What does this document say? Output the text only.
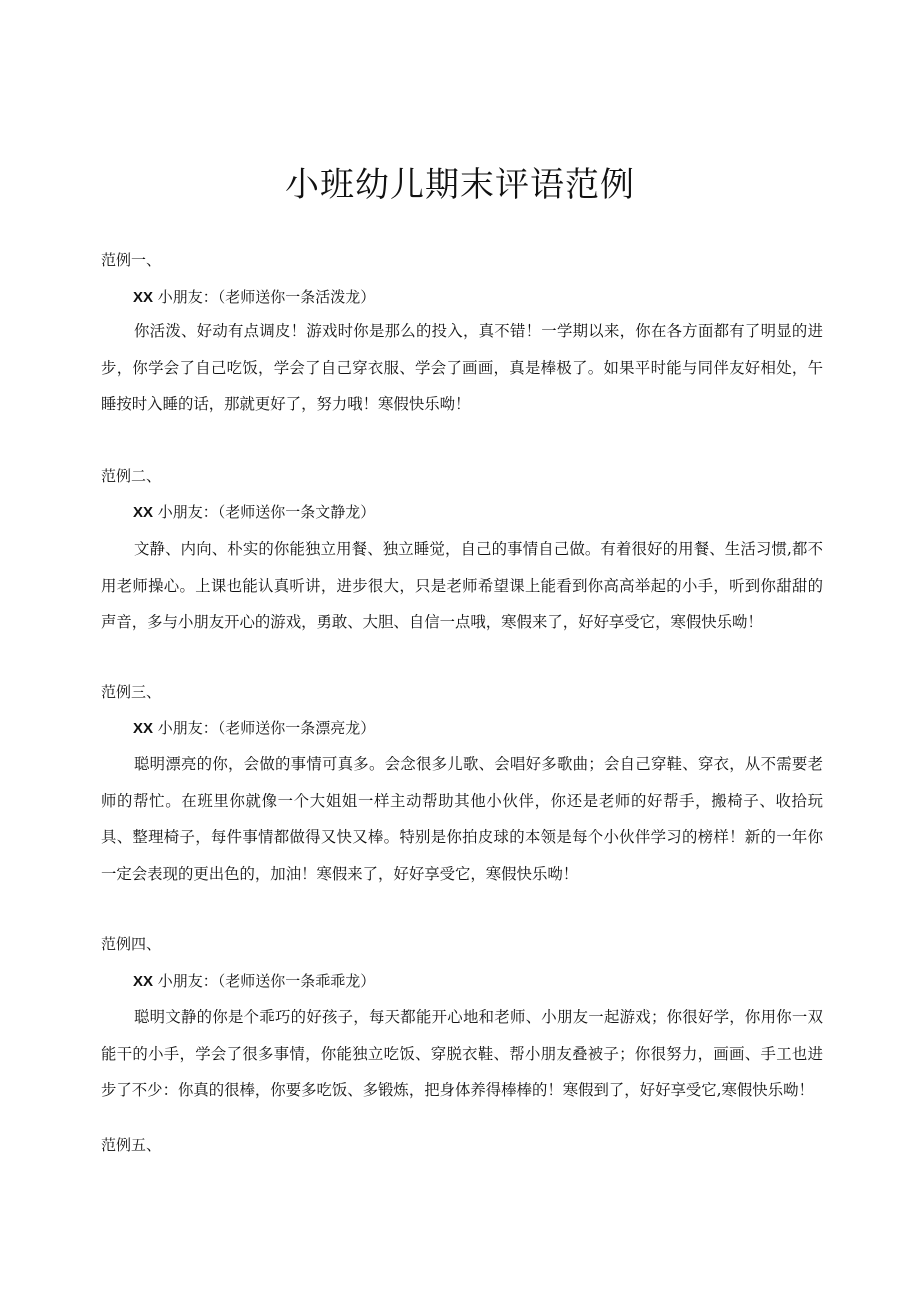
小班幼儿期末评语范例
范例一、
XX 小朋友：（老师送你一条活泼龙）

你活泼、好动有点调皮！游戏时你是那么的投入，真不错！一学期以来，你在各方面都有了明显的进步，你学会了自己吃饭，学会了自己穿衣服、学会了画画，真是棒极了。如果平时能与同伴友好相处，午睡按时入睡的话，那就更好了，努力哦！寒假快乐呦！

范例二、
XX 小朋友：（老师送你一条文静龙）

文静、内向、朴实的你能独立用餐、独立睡觉，自己的事情自己做。有着很好的用餐、生活习惯,都不用老师操心。上课也能认真听讲，进步很大，只是老师希望课上能看到你高高举起的小手，听到你甜甜的声音，多与小朋友开心的游戏，勇敢、大胆、自信一点哦，寒假来了，好好享受它，寒假快乐呦！

范例三、
XX 小朋友：（老师送你一条漂亮龙）

聪明漂亮的你，会做的事情可真多。会念很多儿歌、会唱好多歌曲；会自己穿鞋、穿衣，从不需要老师的帮忙。在班里你就像一个大姐姐一样主动帮助其他小伙伴，你还是老师的好帮手，搬椅子、收拾玩具、整理椅子，每件事情都做得又快又棒。特别是你拍皮球的本领是每个小伙伴学习的榜样！新的一年你一定会表现的更出色的，加油！寒假来了，好好享受它，寒假快乐呦！

范例四、
XX 小朋友：（老师送你一条乖乖龙）

聪明文静的你是个乖巧的好孩子，每天都能开心地和老师、小朋友一起游戏；你很好学，你用你一双能干的小手，学会了很多事情，你能独立吃饭、穿脱衣鞋、帮小朋友叠被子；你很努力，画画、手工也进步了不少：你真的很棒，你要多吃饭、多锻炼，把身体养得棒棒的！寒假到了，好好享受它,寒假快乐呦！

范例五、
